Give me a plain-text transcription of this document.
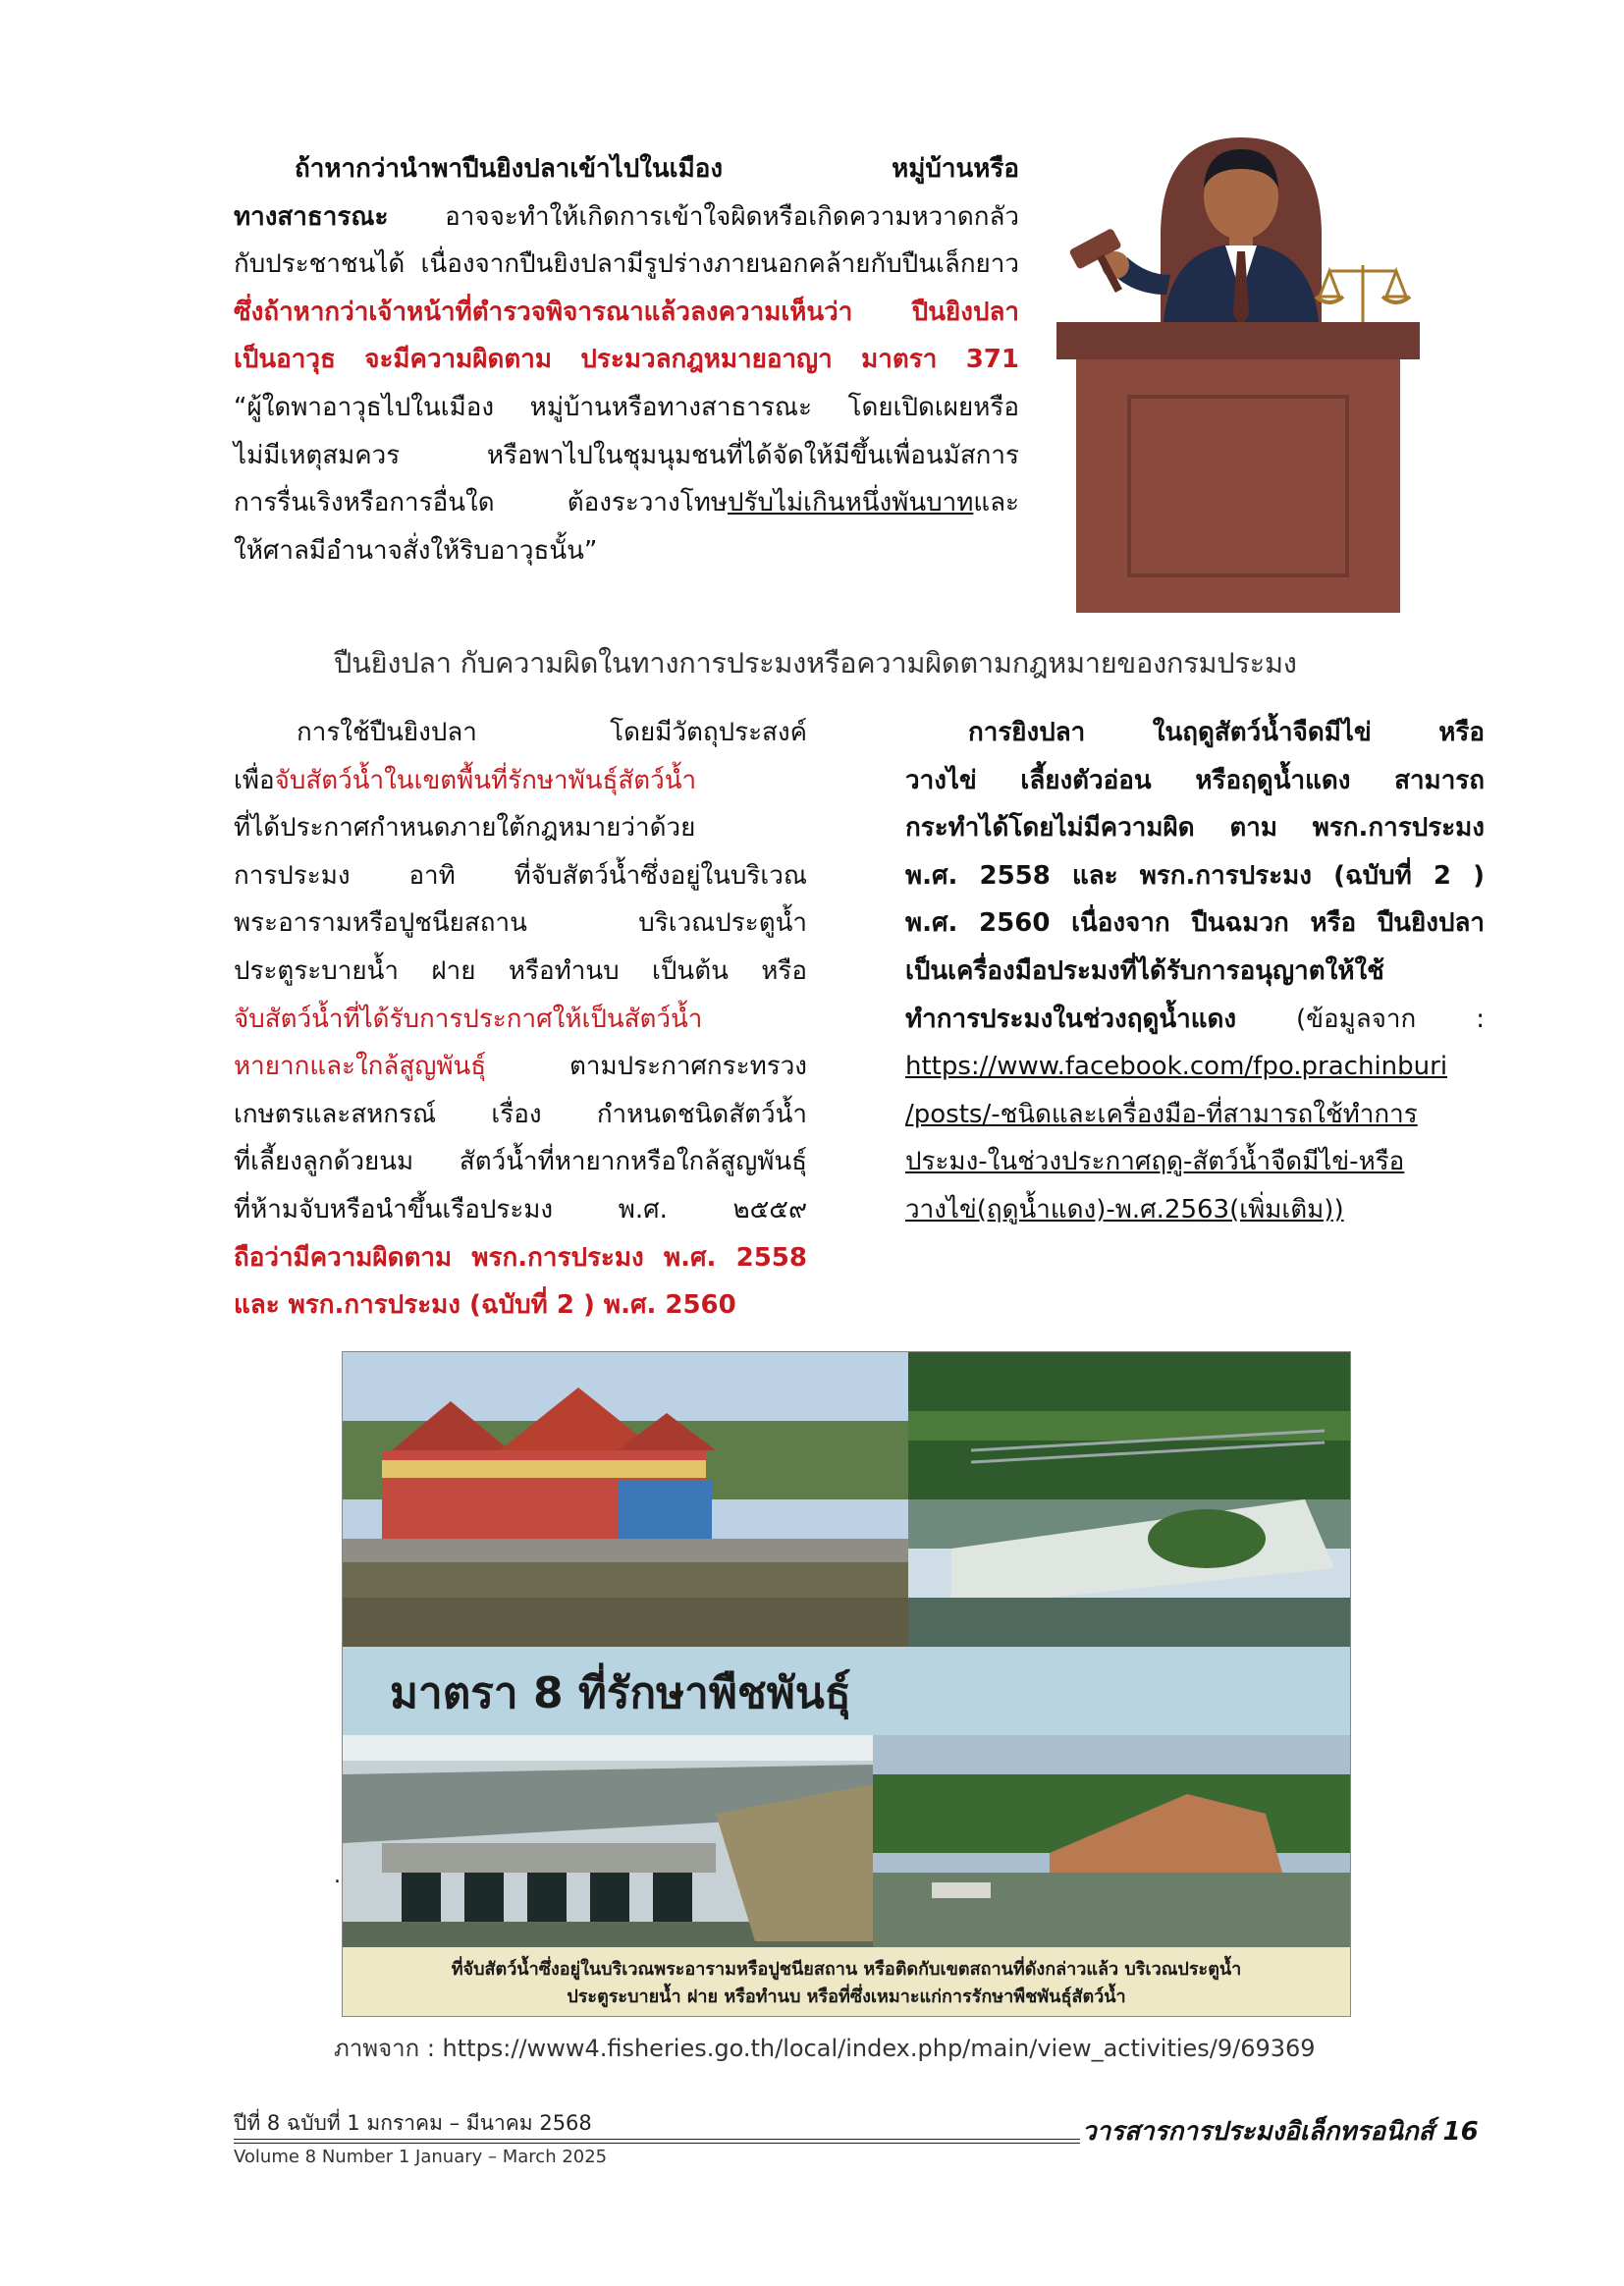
ถ้าหากว่านำพาปืนยิงปลาเข้าไปในเมือง หมู่บ้านหรือ
ทางสาธารณะ อาจจะทำให้เกิดการเข้าใจผิดหรือเกิดความหวาดกลัว
กับประชาชนได้ เนื่องจากปืนยิงปลามีรูปร่างภายนอกคล้ายกับปืนเล็กยาว
ซึ่งถ้าหากว่าเจ้าหน้าที่ตำรวจพิจารณาแล้วลงความเห็นว่า ปืนยิงปลา
เป็นอาวุธ จะมีความผิดตาม ประมวลกฎหมายอาญา มาตรา 371
“ผู้ใดพาอาวุธไปในเมือง หมู่บ้านหรือทางสาธารณะ โดยเปิดเผยหรือ
ไม่มีเหตุสมควร หรือพาไปในชุมนุมชนที่ได้จัดให้มีขึ้นเพื่อนมัสการ
การรื่นเริงหรือการอื่นใด ต้องระวางโทษปรับไม่เกินหนึ่งพันบาทและ
ให้ศาลมีอำนาจสั่งให้ริบอาวุธนั้น”
ปืนยิงปลา กับความผิดในทางการประมงหรือความผิดตามกฎหมายของกรมประมง
การใช้ปืนยิงปลา โดยมีวัตถุประสงค์
เพื่อจับสัตว์น้ำในเขตพื้นที่รักษาพันธุ์สัตว์น้ำ
ที่ได้ประกาศกำหนดภายใต้กฎหมายว่าด้วย
การประมง อาทิ ที่จับสัตว์น้ำซึ่งอยู่ในบริเวณ
พระอารามหรือปูชนียสถาน บริเวณประตูน้ำ
ประตูระบายน้ำ ฝาย หรือทำนบ เป็นต้น หรือ
จับสัตว์น้ำที่ได้รับการประกาศให้เป็นสัตว์น้ำ
หายากและใกล้สูญพันธุ์ ตามประกาศกระทรวง
เกษตรและสหกรณ์ เรื่อง กำหนดชนิดสัตว์น้ำ
ที่เลี้ยงลูกด้วยนม สัตว์น้ำที่หายากหรือใกล้สูญพันธุ์
ที่ห้ามจับหรือนำขึ้นเรือประมง พ.ศ. ๒๕๕๙
ถือว่ามีความผิดตาม พรก.การประมง พ.ศ. 2558
และ พรก.การประมง (ฉบับที่ 2 ) พ.ศ. 2560
การยิงปลา ในฤดูสัตว์น้ำจืดมีไข่ หรือ
วางไข่ เลี้ยงตัวอ่อน หรือฤดูน้ำแดง สามารถ
กระทำได้โดยไม่มีความผิด ตาม พรก.การประมง
พ.ศ. 2558 และ พรก.การประมง (ฉบับที่ 2 )
พ.ศ. 2560 เนื่องจาก ปืนฉมวก หรือ ปืนยิงปลา
เป็นเครื่องมือประมงที่ได้รับการอนุญาตให้ใช้
ทำการประมงในช่วงฤดูน้ำแดง (ข้อมูลจาก :
https://www.facebook.com/fpo.prachinburi
/posts/-ชนิดและเครื่องมือ-ที่สามารถใช้ทำการ
ประมง-ในช่วงประกาศฤดู-สัตว์น้ำจืดมีไข่-หรือ
วางไข่(ฤดูน้ำแดง)-พ.ศ.2563(เพิ่มเติม))
มาตรา 8 ที่รักษาพืชพันธุ์
ที่จับสัตว์น้ำซึ่งอยู่ในบริเวณพระอารามหรือปูชนียสถาน หรือติดกับเขตสถานที่ดังกล่าวแล้ว บริเวณประตูน้ำ
ประตูระบายน้ำ ฝาย หรือทำนบ หรือที่ซึ่งเหมาะแก่การรักษาพืชพันธุ์สัตว์น้ำ
.
ภาพจาก : https://www4.fisheries.go.th/local/index.php/main/view_activities/9/69369
ปีที่ 8 ฉบับที่ 1 มกราคม – มีนาคม 2568
Volume 8 Number 1 January – March 2025
วารสารการประมงอิเล็กทรอนิกส์ 16
